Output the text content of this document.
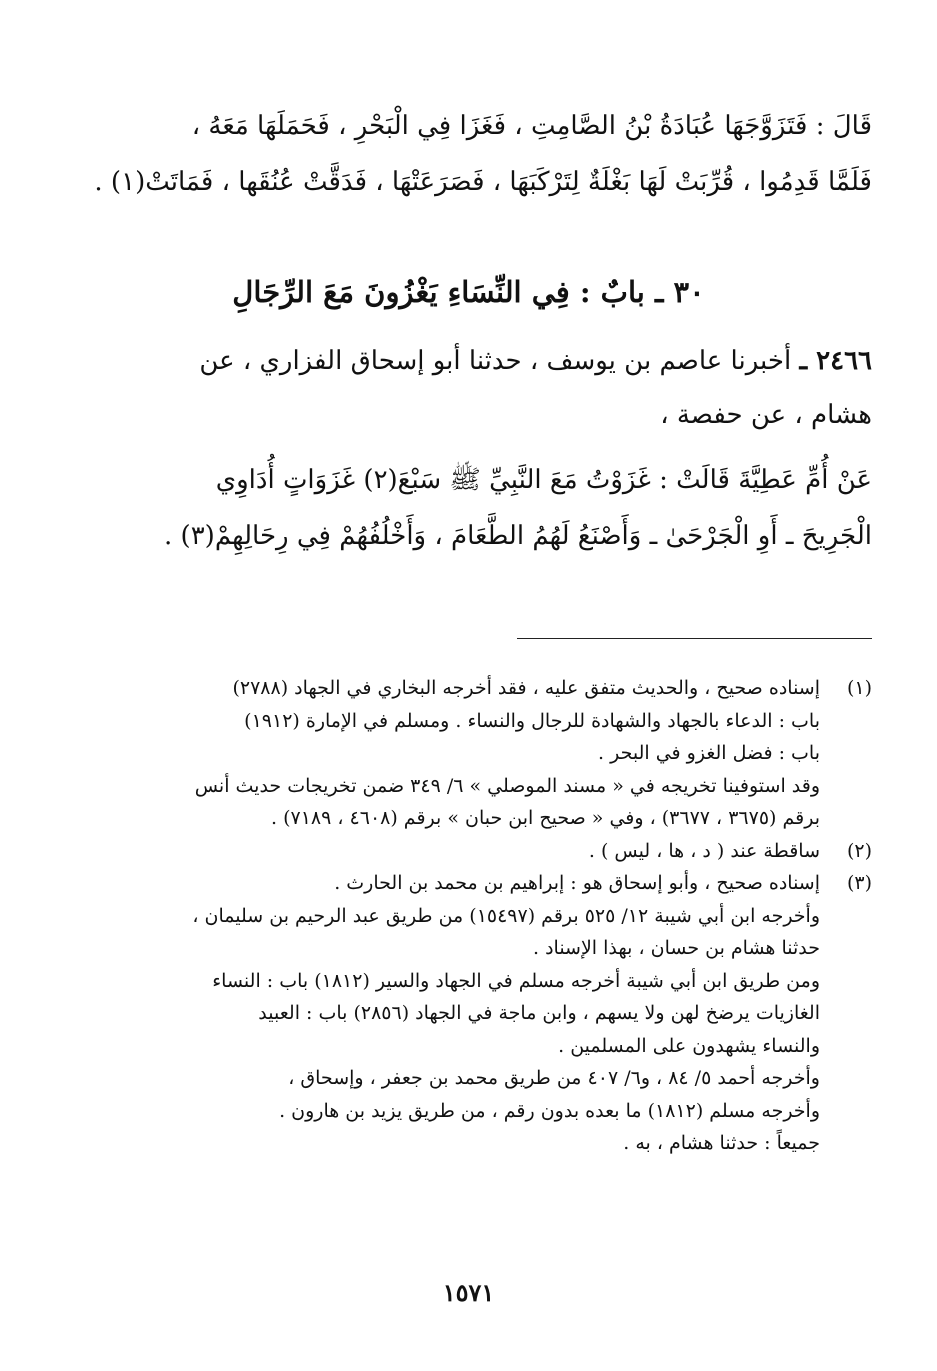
قَالَ : فَتَزَوَّجَهَا عُبَادَةُ بْنُ الصَّامِتِ ، فَغَزَا فِي الْبَحْرِ ، فَحَمَلَهَا مَعَهُ ،
فَلَمَّا قَدِمُوا ، قُرِّبَتْ لَهَا بَغْلَةٌ لِتَرْكَبَهَا ، فَصَرَعَتْهَا ، فَدَقَّتْ عُنُقَها ، فَمَاتَتْ(١) .
٣٠ ـ بابٌ : فِي النِّسَاءِ يَغْزُونَ مَعَ الرِّجَالِ
٢٤٦٦ ـ أخبرنا عاصم بن يوسف ، حدثنا أبو إسحاق الفزاري ، عن
هشام ، عن حفصة ،
عَنْ أُمِّ عَطِيَّةَ قَالَتْ : غَزَوْتُ مَعَ النَّبِيِّ ﷺ سَبْعَ(٢) غَزَوَاتٍ أُدَاوِي
الْجَرِيحَ ـ أَوِ الْجَرْحَىٰ ـ وَأَصْنَعُ لَهُمُ الطَّعَامَ ، وَأَخْلُفُهُمْ فِي رِحَالِهِمْ(٣) .
(١)
إسناده صحيح ، والحديث متفق عليه ، فقد أخرجه البخاري في الجهاد (٢٧٨٨)
باب : الدعاء بالجهاد والشهادة للرجال والنساء . ومسلم في الإمارة (١٩١٢)
باب : فضل الغزو في البحر .
وقد استوفينا تخريجه في « مسند الموصلي » ٦/ ٣٤٩ ضمن تخريجات حديث أنس
برقم (٣٦٧٥ ، ٣٦٧٧) ، وفي « صحيح ابن حبان » برقم (٤٦٠٨ ، ٧١٨٩) .
(٢)
ساقطة عند ( د ، ها ، ليس ) .
(٣)
إسناده صحيح ، وأبو إسحاق هو : إبراهيم بن محمد بن الحارث .
وأخرجه ابن أبي شيبة ١٢/ ٥٢٥ برقم (١٥٤٩٧) من طريق عبد الرحيم بن سليمان ،
حدثنا هشام بن حسان ، بهذا الإسناد .
ومن طريق ابن أبي شيبة أخرجه مسلم في الجهاد والسير (١٨١٢) باب : النساء
الغازيات يرضخ لهن ولا يسهم ، وابن ماجة في الجهاد (٢٨٥٦) باب : العبيد
والنساء يشهدون على المسلمين .
وأخرجه أحمد ٥/ ٨٤ ، و٦/ ٤٠٧ من طريق محمد بن جعفر ، وإسحاق ،
وأخرجه مسلم (١٨١٢) ما بعده بدون رقم ، من طريق يزيد بن هارون .
جميعاً : حدثنا هشام ، به .
١٥٧١
